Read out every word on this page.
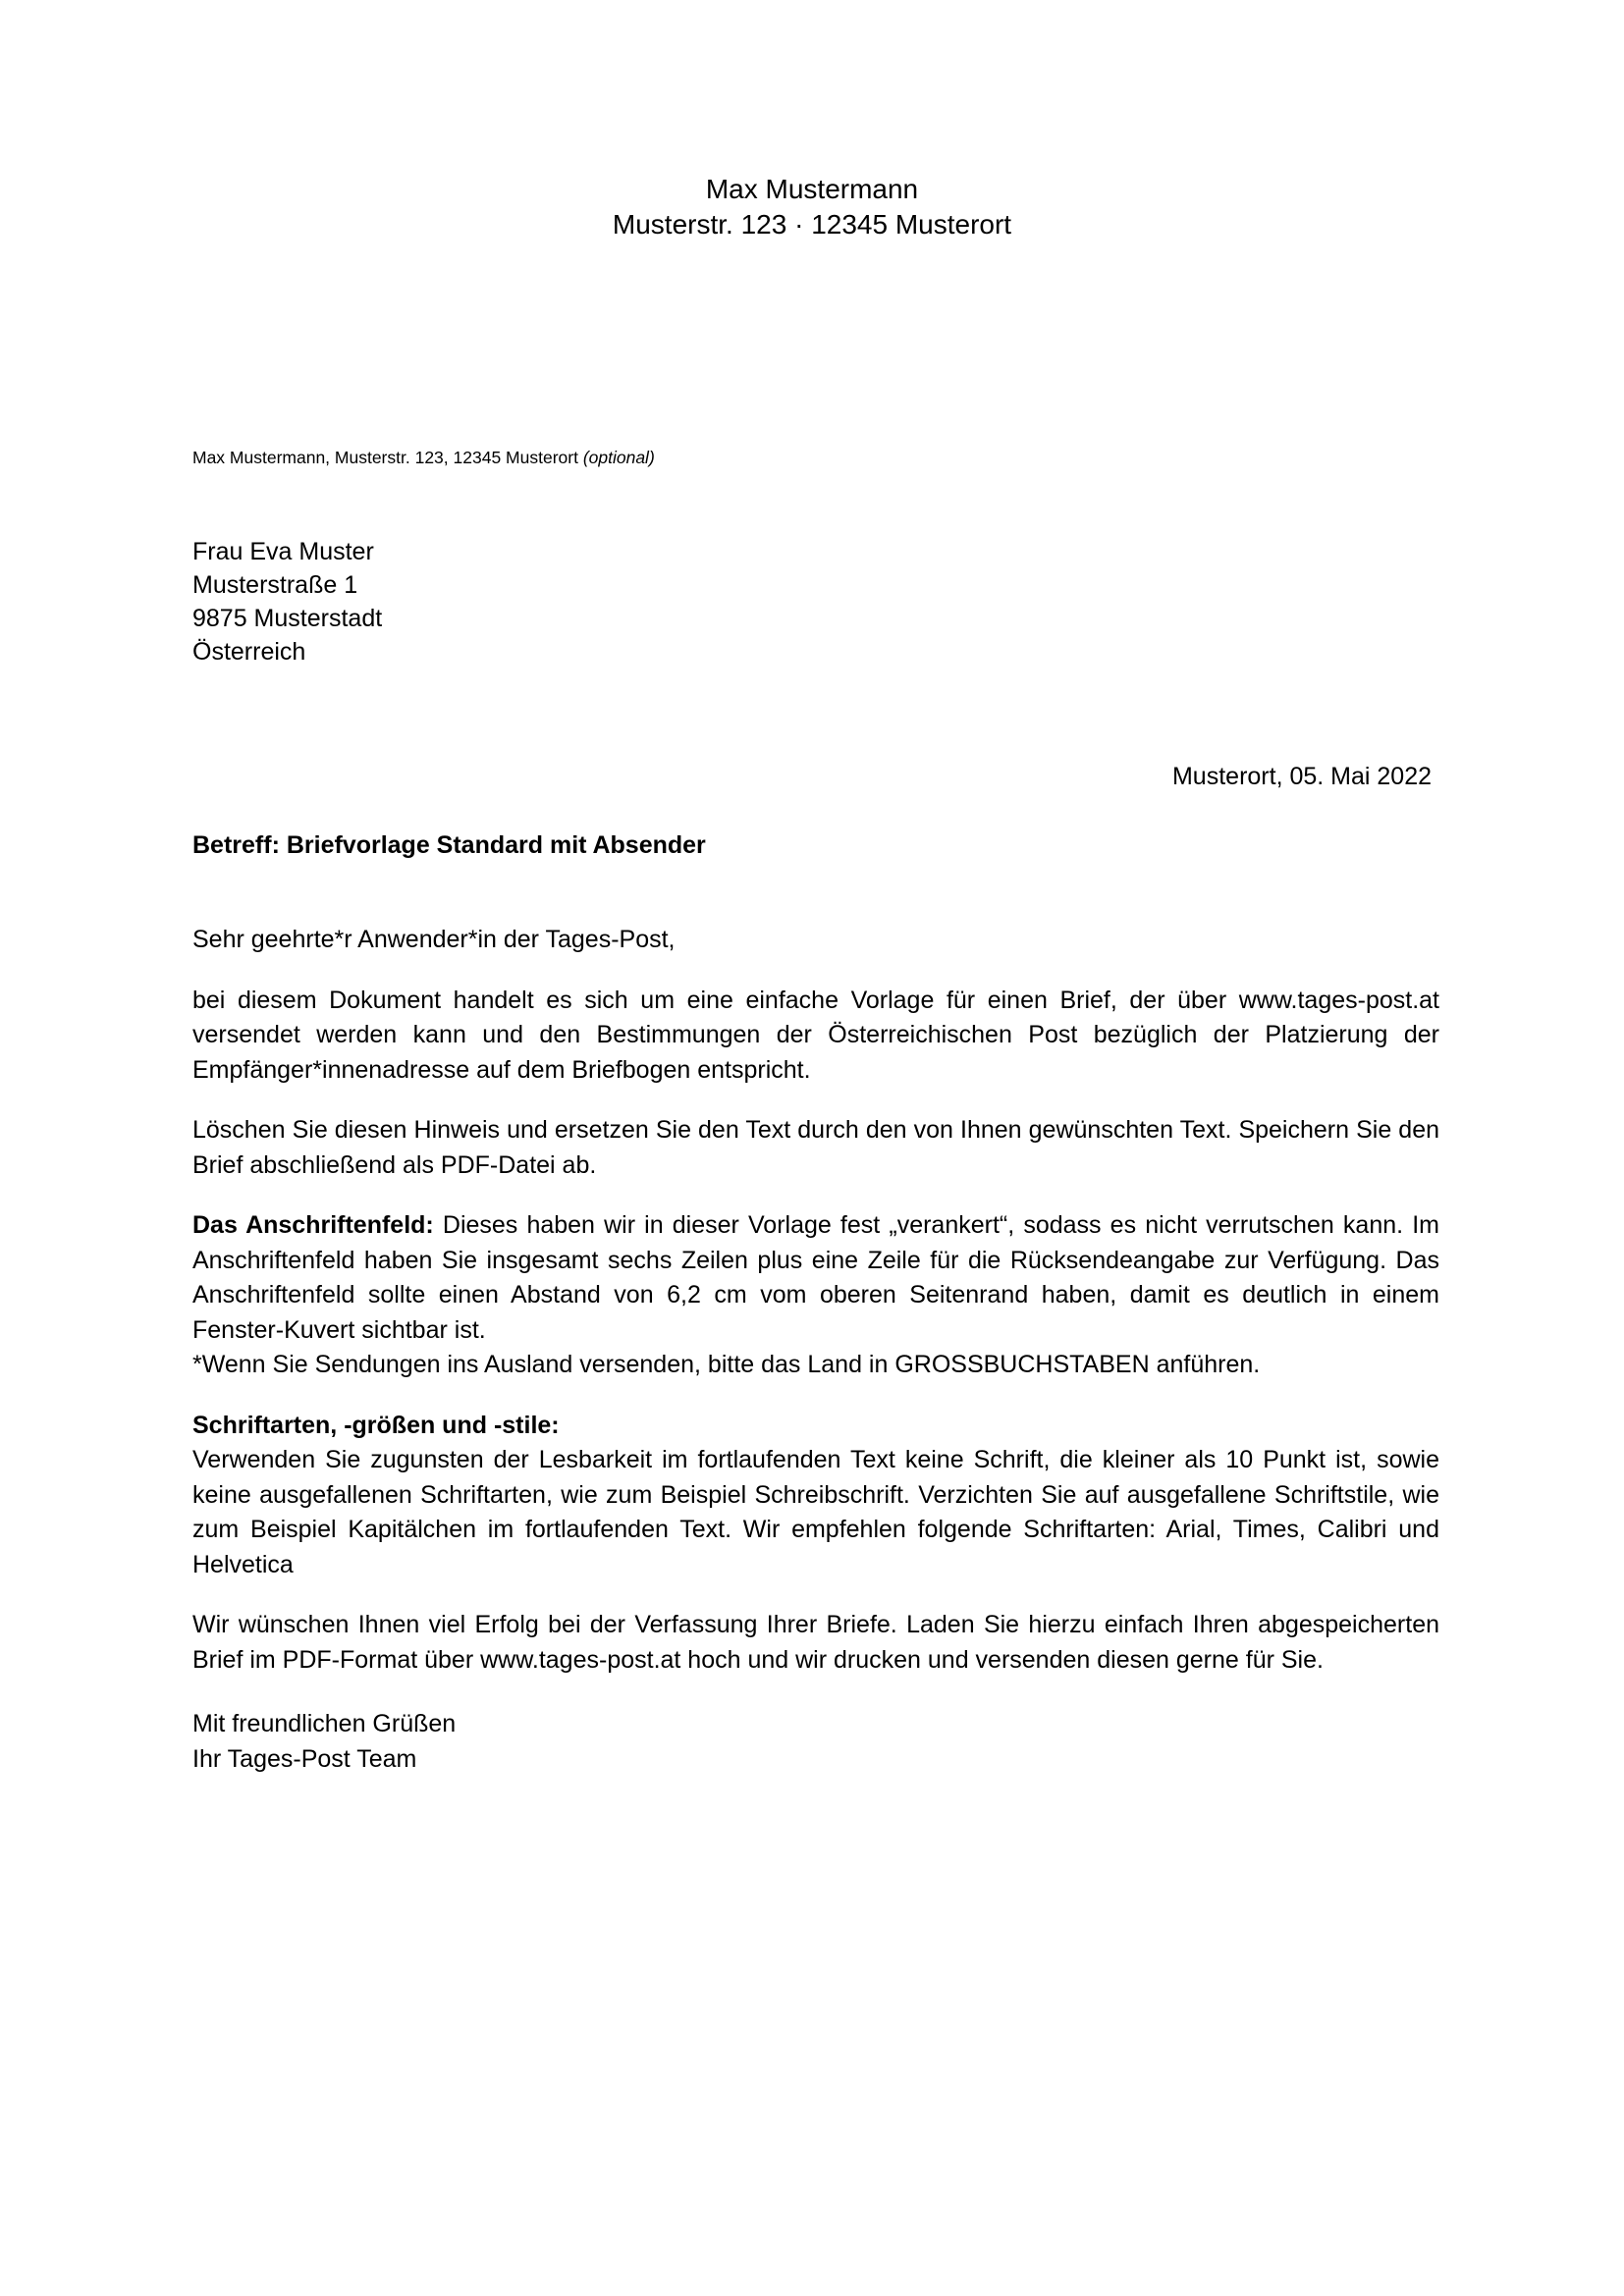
Max Mustermann
Musterstr. 123 · 12345 Musterort
Max Mustermann, Musterstr. 123, 12345 Musterort (optional)
Frau Eva Muster
Musterstraße 1
9875 Musterstadt
Österreich
Musterort, 05. Mai 2022
Betreff: Briefvorlage Standard mit Absender

Sehr geehrte*r Anwender*in der Tages-Post,

bei diesem Dokument handelt es sich um eine einfache Vorlage für einen Brief, der über www.tages-post.at versendet werden kann und den Bestimmungen der Österreichischen Post bezüglich der Platzierung der Empfänger*innenadresse auf dem Briefbogen entspricht.

Löschen Sie diesen Hinweis und ersetzen Sie den Text durch den von Ihnen gewünschten Text. Speichern Sie den Brief abschließend als PDF-Datei ab.

Das Anschriftenfeld: Dieses haben wir in dieser Vorlage fest „verankert“, sodass es nicht verrutschen kann. Im Anschriftenfeld haben Sie insgesamt sechs Zeilen plus eine Zeile für die Rücksendeangabe zur Verfügung. Das Anschriftenfeld sollte einen Abstand von 6,2 cm vom oberen Seitenrand haben, damit es deutlich in einem Fenster-Kuvert sichtbar ist.

*Wenn Sie Sendungen ins Ausland versenden, bitte das Land in GROSSBUCHSTABEN anführen.

Schriftarten, -größen und -stile:

Verwenden Sie zugunsten der Lesbarkeit im fortlaufenden Text keine Schrift, die kleiner als 10 Punkt ist, sowie keine ausgefallenen Schriftarten, wie zum Beispiel Schreibschrift. Verzichten Sie auf ausgefallene Schriftstile, wie zum Beispiel Kapitälchen im fortlaufenden Text. Wir empfehlen folgende Schriftarten: Arial, Times, Calibri und Helvetica

Wir wünschen Ihnen viel Erfolg bei der Verfassung Ihrer Briefe. Laden Sie hierzu einfach Ihren abgespeicherten Brief im PDF-Format über www.tages-post.at hoch und wir drucken und versenden diesen gerne für Sie.

Mit freundlichen Grüßen
Ihr Tages-Post Team
